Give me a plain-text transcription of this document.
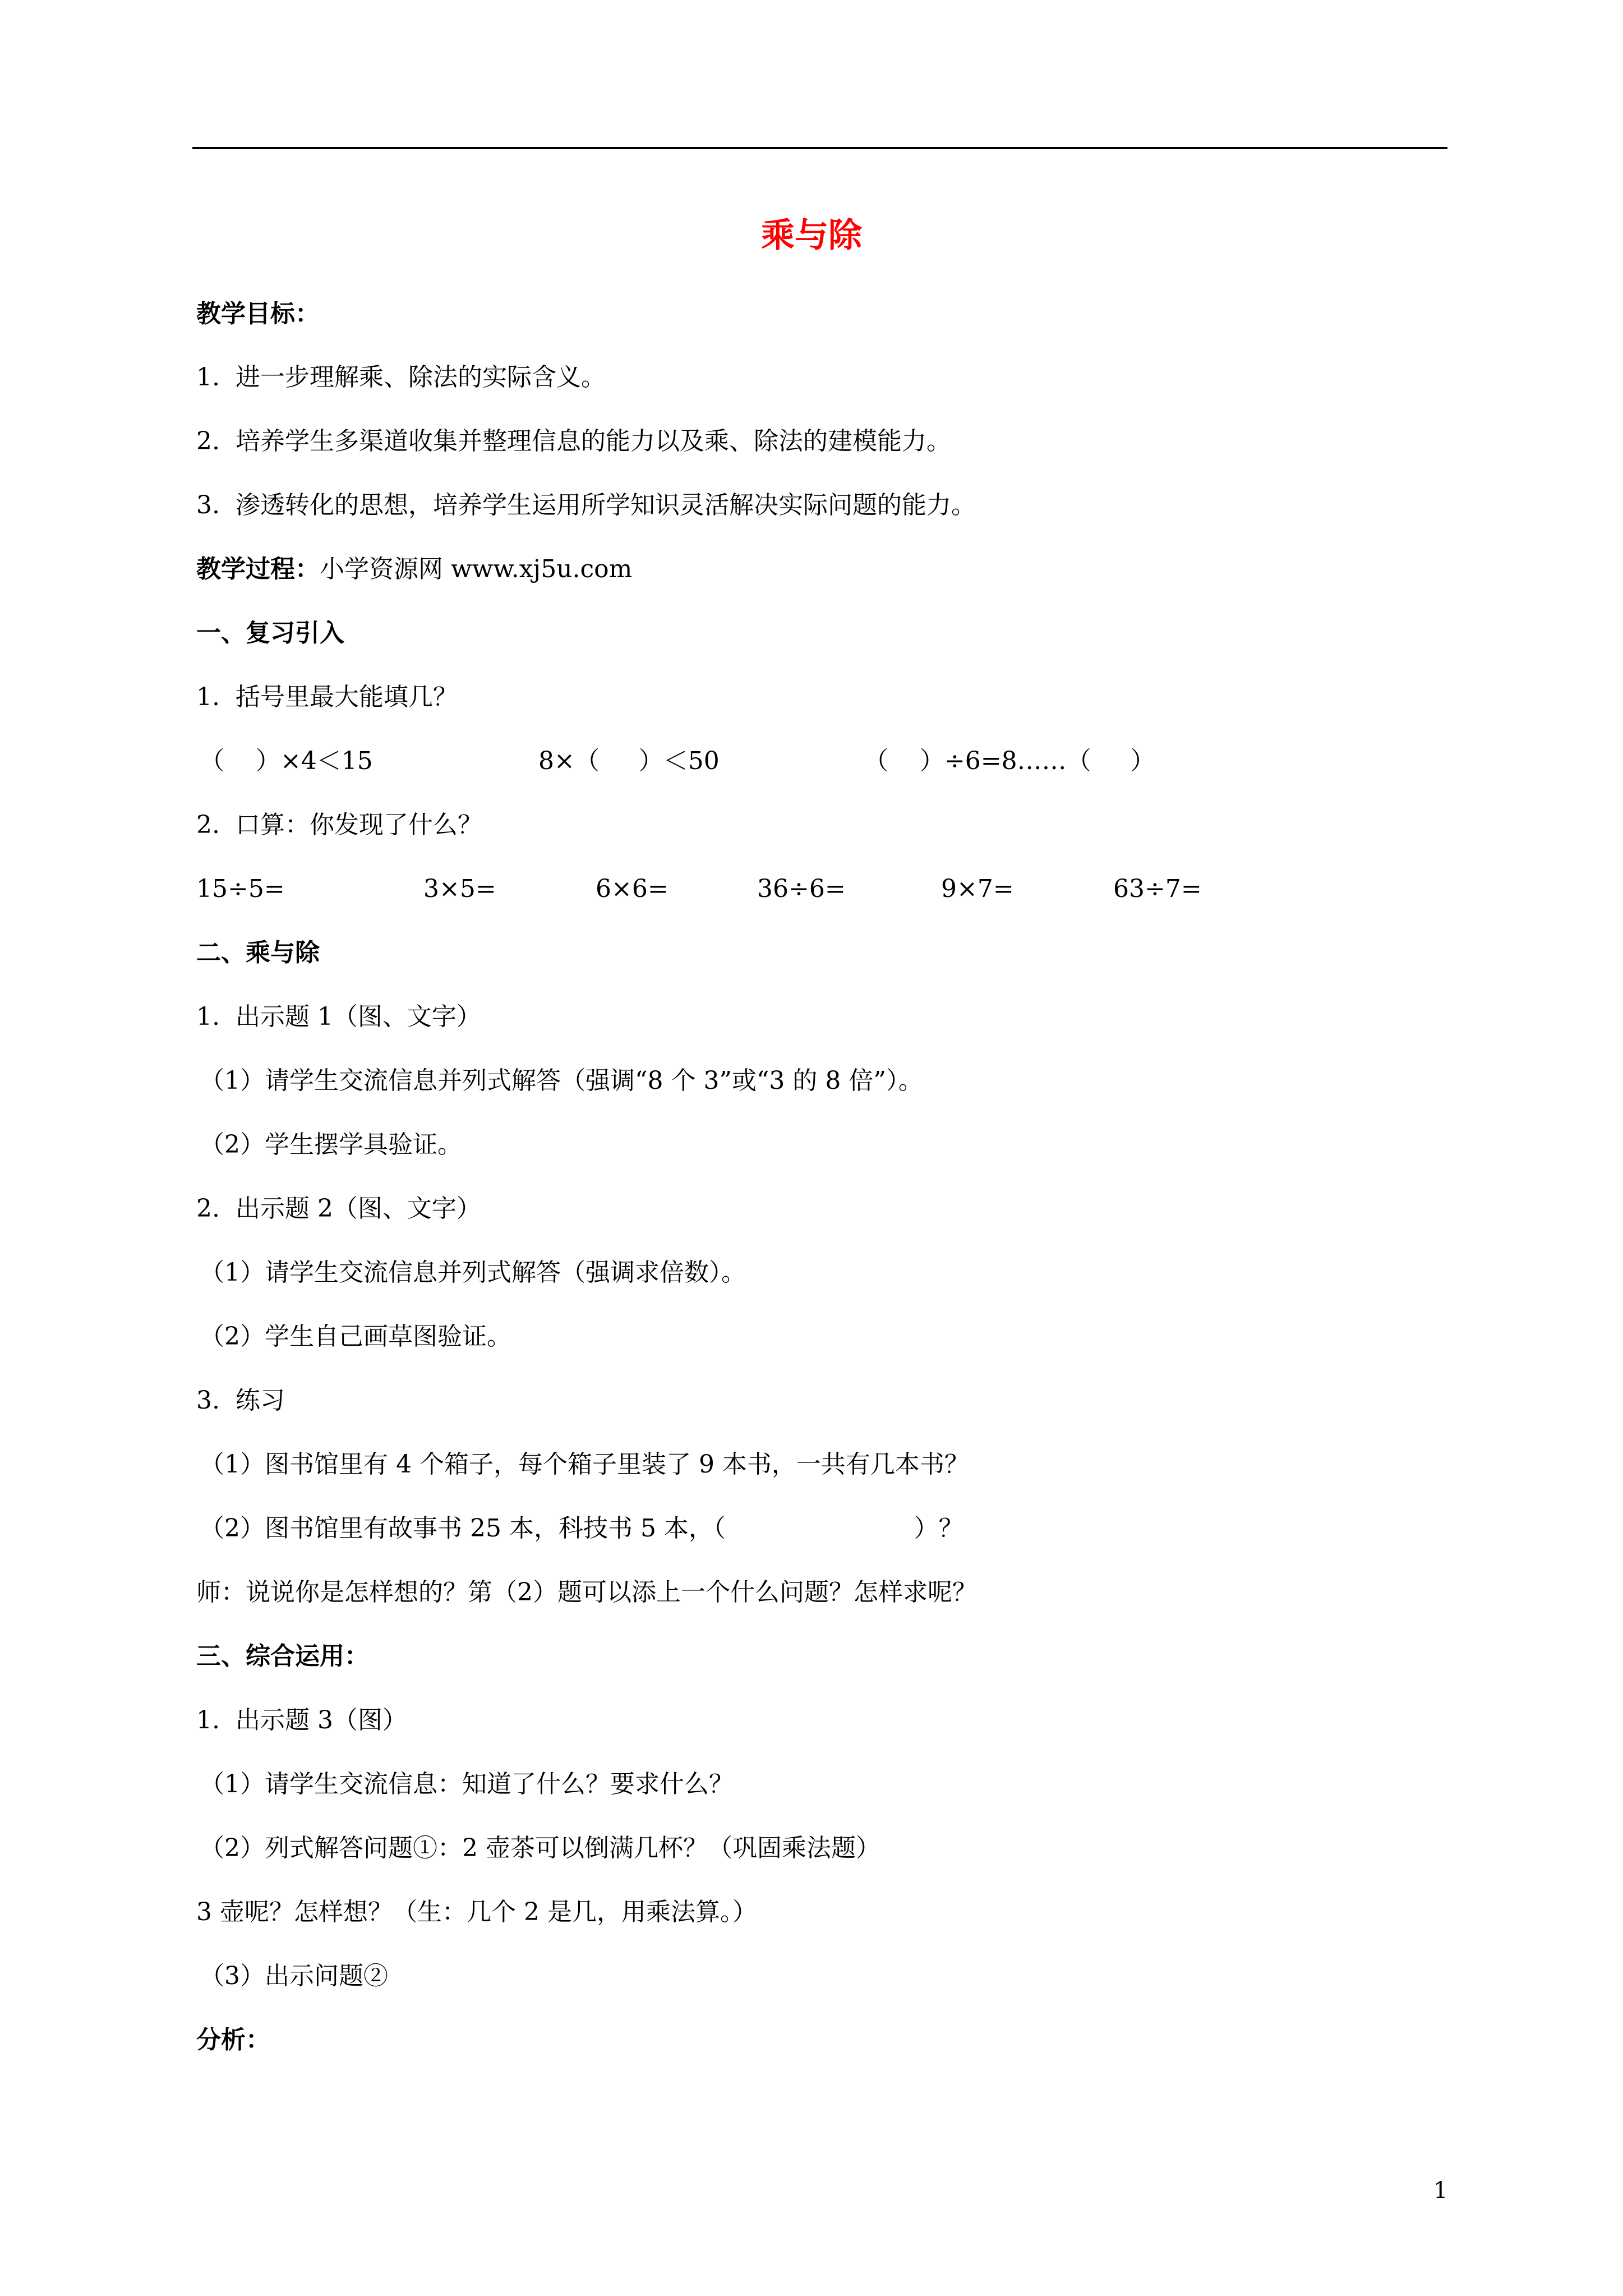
乘与除
教学目标：
1.  进一步理解乘、除法的实际含义。
2.  培养学生多渠道收集并整理信息的能力以及乘、除法的建模能力。
3.  渗透转化的思想，培养学生运用所学知识灵活解决实际问题的能力。
教学过程：小学资源网 www.xj5u.com
一、复习引入
1.  括号里最大能填几？
（    ）×4＜15	8×（     ）＜50	（    ）÷6=8……（     ）
2.  口算：你发现了什么？
15÷5=	3×5=	6×6=	36÷6=	9×7=	63÷7=
二、乘与除
1.  出示题 1（图、文字）
（1）请学生交流信息并列式解答（强调“8 个 3”或“3 的 8 倍”）。
（2）学生摆学具验证。
2.  出示题 2（图、文字）
（1）请学生交流信息并列式解答（强调求倍数）。
（2）学生自己画草图验证。
3.  练习
（1）图书馆里有 4 个箱子，每个箱子里装了 9 本书，一共有几本书？
（2）图书馆里有故事书 25 本，科技书 5 本，（                        ）？
师：说说你是怎样想的？第（2）题可以添上一个什么问题？怎样求呢？
三、综合运用：
1.  出示题 3（图）
（1）请学生交流信息：知道了什么？要求什么？
（2）列式解答问题①：2 壶茶可以倒满几杯？（巩固乘法题）
3 壶呢？怎样想？（生：几个 2 是几，用乘法算。）
（3）出示问题②
分析：
1
